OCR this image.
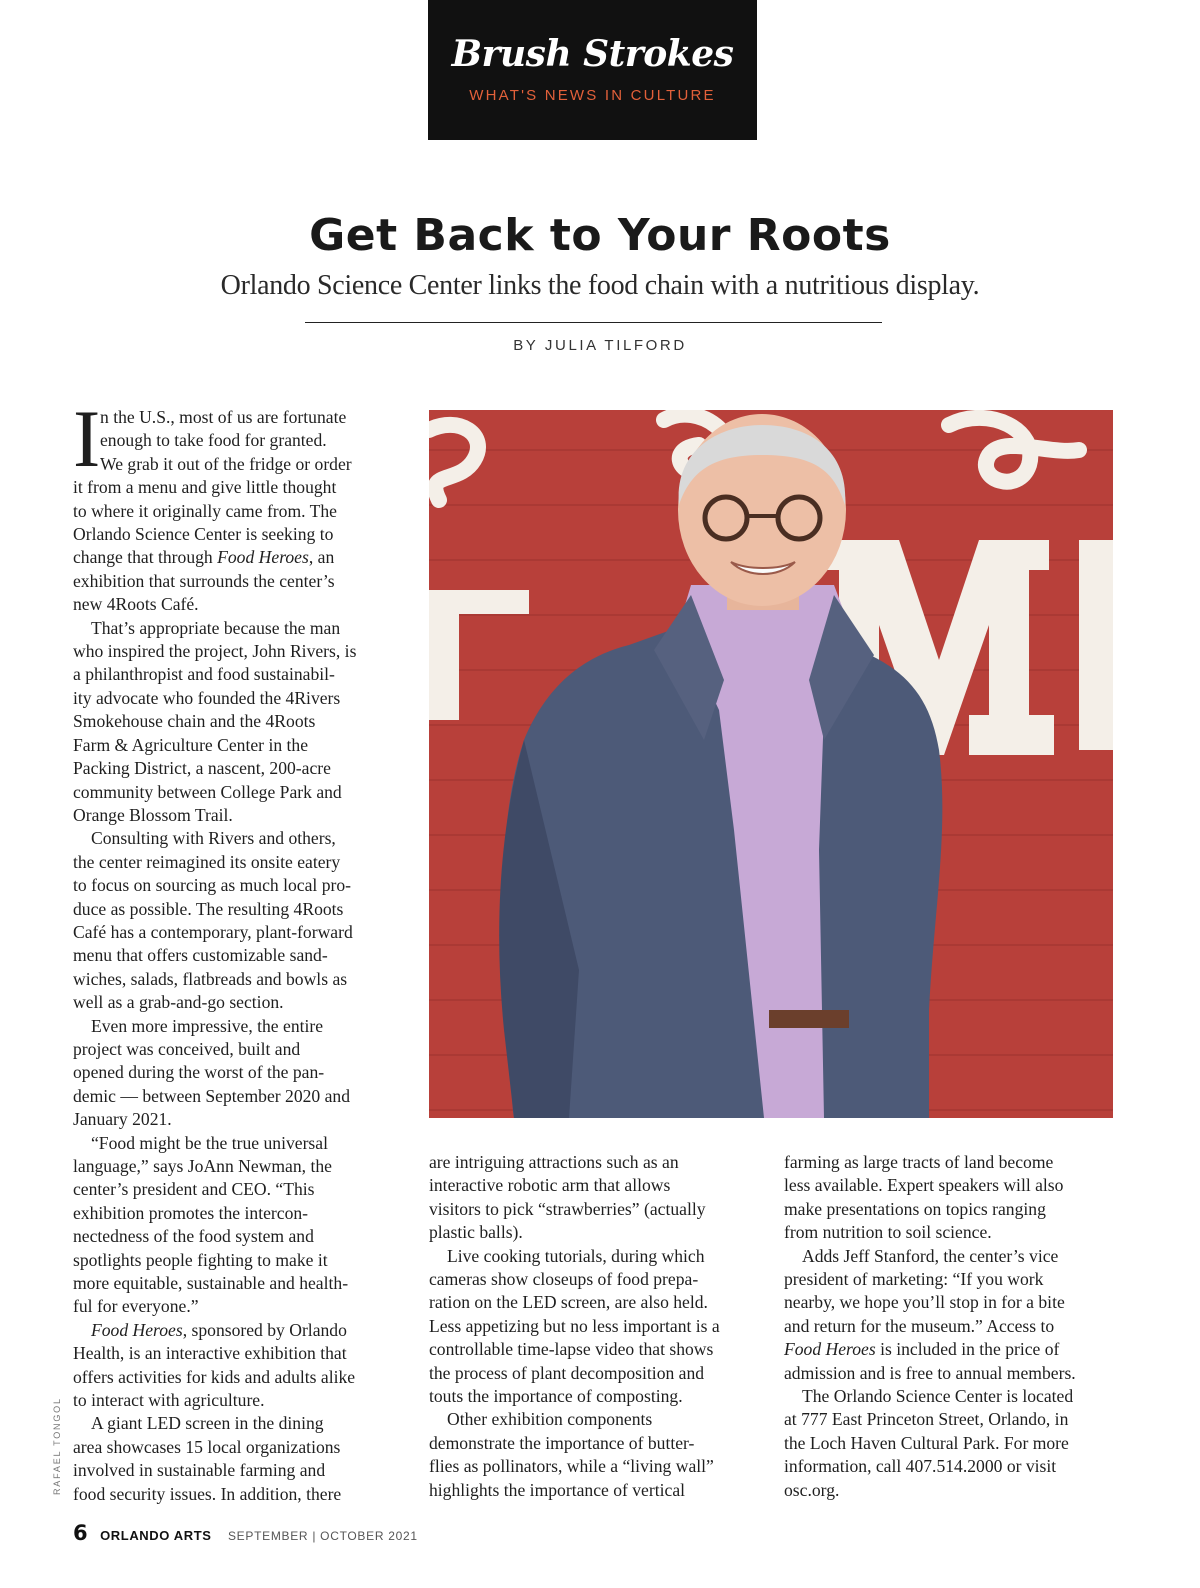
Brush Strokes
WHAT'S NEWS IN CULTURE
Get Back to Your Roots
Orlando Science Center links the food chain with a nutritious display.
BY JULIA TILFORD
I n the U.S., most of us are fortunate
enough to take food for granted.
We grab it out of the fridge or order
it from a menu and give little thought
to where it originally came from. The
Orlando Science Center is seeking to
change that through Food Heroes, an
exhibition that surrounds the center’s
new 4Roots Café.
That’s appropriate because the man
who inspired the project, John Rivers, is
a philanthropist and food sustainabil-
ity advocate who founded the 4Rivers
Smokehouse chain and the 4Roots
Farm & Agriculture Center in the
Packing District, a nascent, 200-acre
community between College Park and
Orange Blossom Trail.
Consulting with Rivers and others,
the center reimagined its onsite eatery
to focus on sourcing as much local pro-
duce as possible. The resulting 4Roots
Café has a contemporary, plant-forward
menu that offers customizable sand-
wiches, salads, flatbreads and bowls as
well as a grab-and-go section.
Even more impressive, the entire
project was conceived, built and
opened during the worst of the pan-
demic — between September 2020 and
January 2021.
“Food might be the true universal
language,” says JoAnn Newman, the
center’s president and CEO. “This
exhibition promotes the intercon-
nectedness of the food system and
spotlights people fighting to make it
more equitable, sustainable and health-
ful for everyone.”
Food Heroes, sponsored by Orlando
Health, is an interactive exhibition that
offers activities for kids and adults alike
to interact with agriculture.
A giant LED screen in the dining
area showcases 15 local organizations
involved in sustainable farming and
food security issues. In addition, there
are intriguing attractions such as an
interactive robotic arm that allows
visitors to pick “strawberries” (actually
plastic balls).
Live cooking tutorials, during which
cameras show closeups of food prepa-
ration on the LED screen, are also held.
Less appetizing but no less important is a
controllable time-lapse video that shows
the process of plant decomposition and
touts the importance of composting.
Other exhibition components
demonstrate the importance of butter-
flies as pollinators, while a “living wall”
highlights the importance of vertical
farming as large tracts of land become
less available. Expert speakers will also
make presentations on topics ranging
from nutrition to soil science.
Adds Jeff Stanford, the center’s vice
president of marketing: “If you work
nearby, we hope you’ll stop in for a bite
and return for the museum.” Access to
Food Heroes is included in the price of
admission and is free to annual members.
The Orlando Science Center is located
at 777 East Princeton Street, Orlando, in
the Loch Haven Cultural Park. For more
information, call 407.514.2000 or visit
osc.org.
RAFAEL TONGOL
6 ORLANDO ARTS SEPTEMBER | OCTOBER 2021
